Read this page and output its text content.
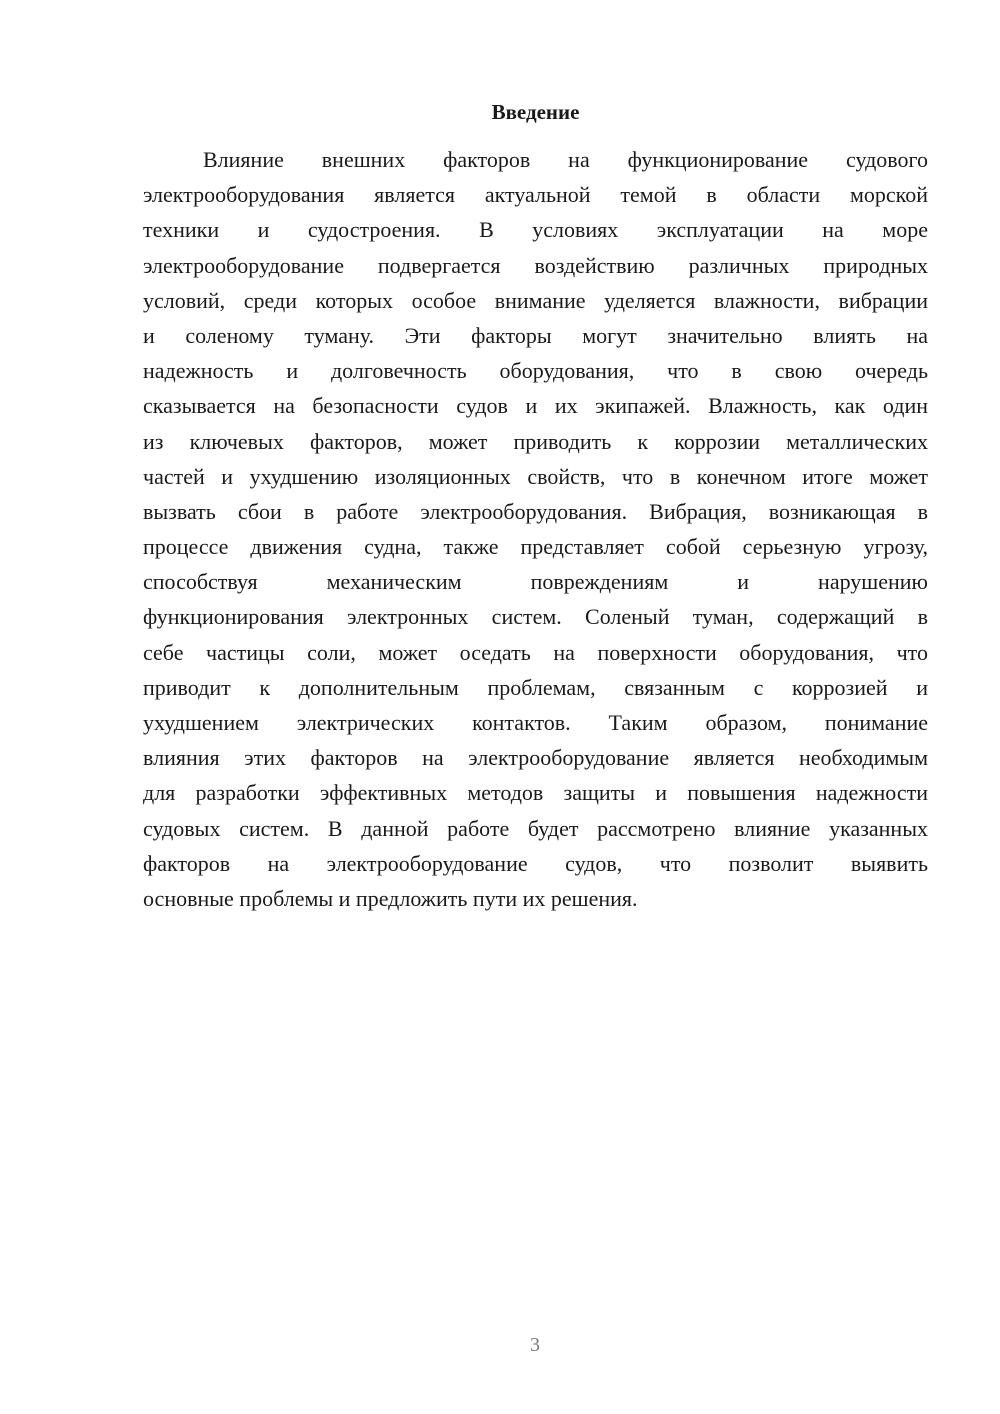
Введение
Влияние внешних факторов на функционирование судового
электрооборудования является актуальной темой в области морской
техники и судостроения. В условиях эксплуатации на море
электрооборудование подвергается воздействию различных природных
условий, среди которых особое внимание уделяется влажности, вибрации
и соленому туману. Эти факторы могут значительно влиять на
надежность и долговечность оборудования, что в свою очередь
сказывается на безопасности судов и их экипажей. Влажность, как один
из ключевых факторов, может приводить к коррозии металлических
частей и ухудшению изоляционных свойств, что в конечном итоге может
вызвать сбои в работе электрооборудования. Вибрация, возникающая в
процессе движения судна, также представляет собой серьезную угрозу,
способствуя механическим повреждениям и нарушению
функционирования электронных систем. Соленый туман, содержащий в
себе частицы соли, может оседать на поверхности оборудования, что
приводит к дополнительным проблемам, связанным с коррозией и
ухудшением электрических контактов. Таким образом, понимание
влияния этих факторов на электрооборудование является необходимым
для разработки эффективных методов защиты и повышения надежности
судовых систем. В данной работе будет рассмотрено влияние указанных
факторов на электрооборудование судов, что позволит выявить
основные проблемы и предложить пути их решения.

3
